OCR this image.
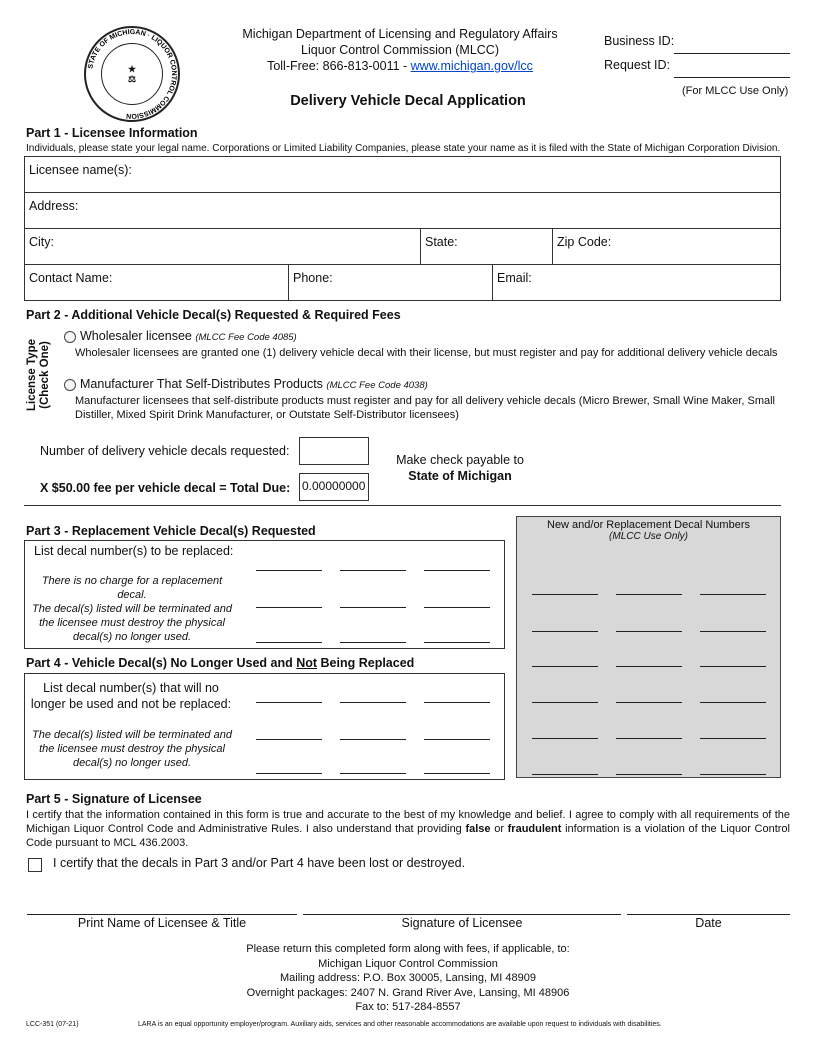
★
⚖
STATE OF MICHIGAN · LIQUOR CONTROL COMMISSION
Michigan Department of Licensing and Regulatory Affairs
Liquor Control Commission (MLCC)
Toll-Free: 866-813-0011 - www.michigan.gov/lcc
Delivery Vehicle Decal Application
Business ID:
Request ID:
(For MLCC Use Only)
Part 1 - Licensee Information
Individuals, please state your legal name. Corporations or Limited Liability Companies, please state your name as it is filed with the State of Michigan Corporation Division.
Licensee name(s):
Address:
City:	State:	Zip Code:
Contact Name:	Phone:	Email:
Part 2 - Additional Vehicle Decal(s) Requested & Required Fees
License Type (Check One)
Wholesaler licensee (MLCC Fee Code 4085)
Wholesaler licensees are granted one (1) delivery vehicle decal with their license, but must register and pay for additional delivery vehicle decals
Manufacturer That Self-Distributes Products (MLCC Fee Code 4038)
Manufacturer licensees that self-distribute products must register and pay for all delivery vehicle decals (Micro Brewer, Small Wine Maker, Small Distiller, Mixed Spirit Drink Manufacturer, or Outstate Self-Distributor licensees)
Number of delivery vehicle decals requested:
X $50.00 fee per vehicle decal = Total Due: 0.00000000
Make check payable to
State of Michigan
Part 3 - Replacement Vehicle Decal(s) Requested
List decal number(s) to be replaced:
There is no charge for a replacement decal.
The decal(s) listed will be terminated and the licensee must destroy the physical decal(s) no longer used.
Part 4 - Vehicle Decal(s) No Longer Used and Not Being Replaced
List decal number(s) that will no longer be used and not be replaced:
The decal(s) listed will be terminated and the licensee must destroy the physical decal(s) no longer used.
New and/or Replacement Decal Numbers
(MLCC Use Only)
Part 5 - Signature of Licensee
I certify that the information contained in this form is true and accurate to the best of my knowledge and belief. I agree to comply with all requirements of the Michigan Liquor Control Code and Administrative Rules. I also understand that providing false or fraudulent information is a violation of the Liquor Control Code pursuant to MCL 436.2003.
I certify that the decals in Part 3 and/or Part 4 have been lost or destroyed.
Print Name of Licensee & Title	Signature of Licensee	Date
Please return this completed form along with fees, if applicable, to:
Michigan Liquor Control Commission
Mailing address: P.O. Box 30005, Lansing, MI 48909
Overnight packages: 2407 N. Grand River Ave, Lansing, MI 48906
Fax to: 517-284-8557
LCC-351 (07-21)	LARA is an equal opportunity employer/program. Auxiliary aids, services and other reasonable accommodations are available upon request to individuals with disabilities.
